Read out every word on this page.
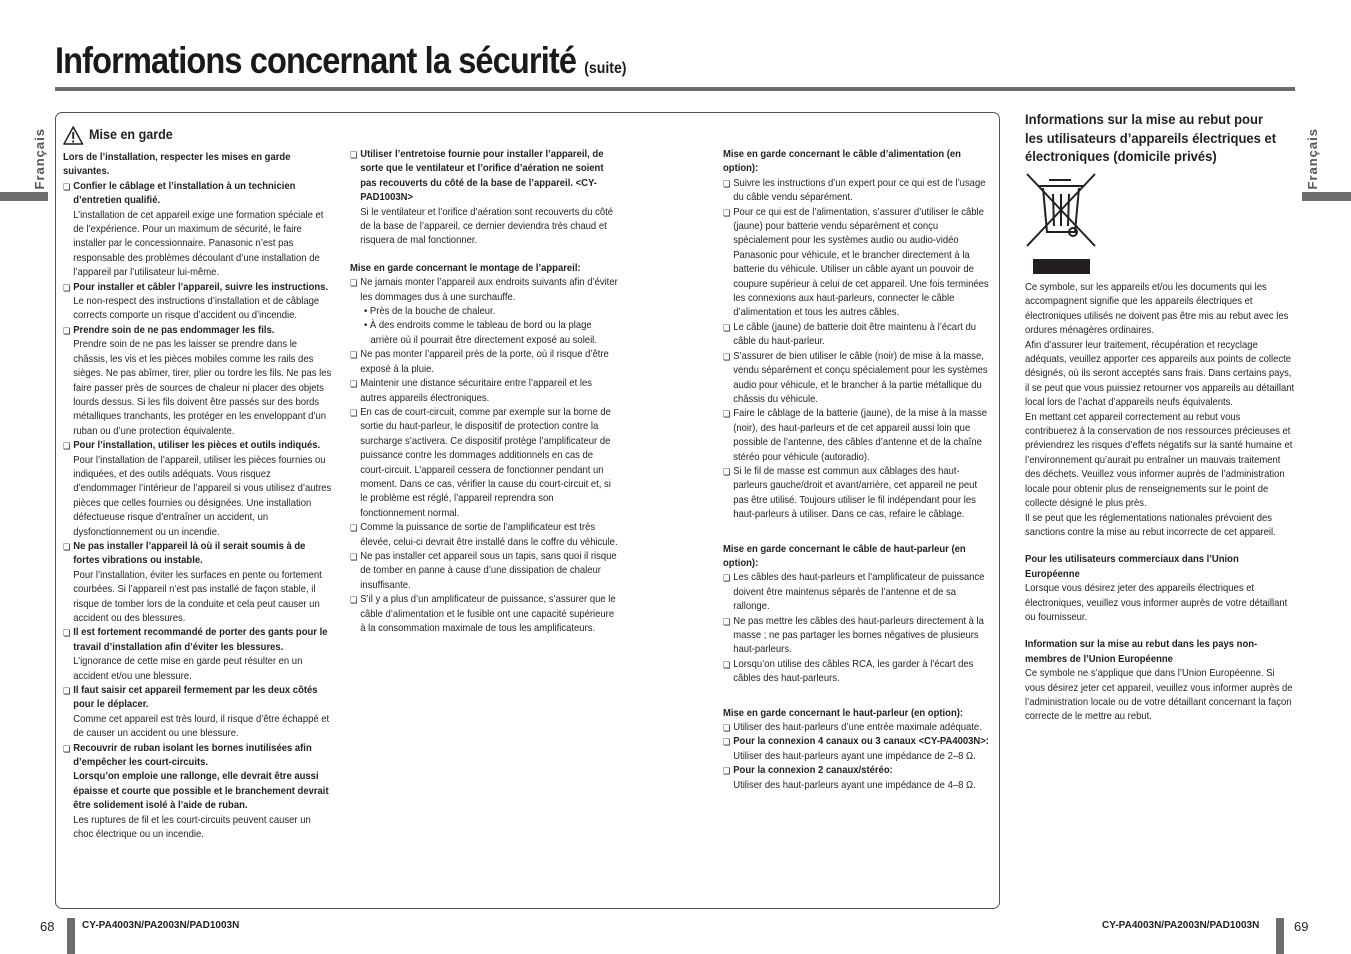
Informations concernant la sécurité (suite)
Français	Français
Mise en garde

Lors de l’installation, respecter les mises en garde suivantes.

❏ Confier le câblage et l’installation à un technicien d’entretien qualifié.

L’installation de cet appareil exige une formation spéciale et de l’expérience. Pour un maximum de sécurité, le faire installer par le concessionnaire. Panasonic n’est pas responsable des problèmes découlant d’une installation de l’appareil par l’utilisateur lui-même.

❏ Pour installer et câbler l’appareil, suivre les instructions.

Le non-respect des instructions d’installation et de câblage corrects comporte un risque d’accident ou d’incendie.

❏ Prendre soin de ne pas endommager les fils.

Prendre soin de ne pas les laisser se prendre dans le châssis, les vis et les pièces mobiles comme les rails des sièges. Ne pas abîmer, tirer, plier ou tordre les fils. Ne pas les faire passer près de sources de chaleur ni placer des objets lourds dessus. Si les fils doivent être passés sur des bords métalliques tranchants, les protéger en les enveloppant d’un ruban ou d’une protection équivalente.

❏ Pour l’installation, utiliser les pièces et outils indiqués.

Pour l’installation de l’appareil, utiliser les pièces fournies ou indiquées, et des outils adéquats. Vous risquez d’endommager l’intérieur de l’appareil si vous utilisez d’autres pièces que celles fournies ou désignées. Une installation défectueuse risque d’entraîner un accident, un dysfonctionnement ou un incendie.

❏ Ne pas installer l’appareil là où il serait soumis à de fortes vibrations ou instable.

Pour l’installation, éviter les surfaces en pente ou fortement courbées. Si l’appareil n’est pas installé de façon stable, il risque de tomber lors de la conduite et cela peut causer un accident ou des blessures.

❏ Il est fortement recommandé de porter des gants pour le travail d’installation afin d’éviter les blessures.

L’ignorance de cette mise en garde peut résulter en un accident et/ou une blessure.

❏ Il faut saisir cet appareil fermement par les deux côtés pour le déplacer.

Comme cet appareil est très lourd, il risque d’être échappé et de causer un accident ou une blessure.

❏ Recouvrir de ruban isolant les bornes inutilisées afin d’empêcher les court-circuits.

Lorsqu’on emploie une rallonge, elle devrait être aussi épaisse et courte que possible et le branchement devrait être solidement isolé à l’aide de ruban.

Les ruptures de fil et les court-circuits peuvent causer un choc électrique ou un incendie.

❏ Utiliser l’entretoise fournie pour installer l’appareil, de sorte que le ventilateur et l’orifice d’aération ne soient pas recouverts du côté de la base de l’appareil. <CY-PAD1003N>

Si le ventilateur et l’orifice d’aération sont recouverts du côté de la base de l’appareil, ce dernier deviendra très chaud et risquera de mal fonctionner.

Mise en garde concernant le montage de l’appareil:

❏ Ne jamais monter l’appareil aux endroits suivants afin d’éviter les dommages dus à une surchauffe.

• Près de la bouche de chaleur.

• À des endroits comme le tableau de bord ou la plage arrière où il pourrait être directement exposé au soleil.

❏ Ne pas monter l’appareil près de la porte, où il risque d’être exposé à la pluie.

❏ Maintenir une distance sécuritaire entre l’appareil et les autres appareils électroniques.

❏ En cas de court-circuit, comme par exemple sur la borne de sortie du haut-parleur, le dispositif de protection contre la surcharge s’activera. Ce dispositif protège l’amplificateur de puissance contre les dommages additionnels en cas de court-circuit. L’appareil cessera de fonctionner pendant un moment. Dans ce cas, vérifier la cause du court-circuit et, si le problème est réglé, l’appareil reprendra son fonctionnement normal.

❏ Comme la puissance de sortie de l’amplificateur est très élevée, celui-ci devrait être installé dans le coffre du véhicule.

❏ Ne pas installer cet appareil sous un tapis, sans quoi il risque de tomber en panne à cause d’une dissipation de chaleur insuffisante.

❏ S’il y a plus d’un amplificateur de puissance, s’assurer que le câble d’alimentation et le fusible ont une capacité supérieure à la consommation maximale de tous les amplificateurs.

Mise en garde concernant le câble d’alimentation (en option):

❏ Suivre les instructions d’un expert pour ce qui est de l’usage du câble vendu séparément.

❏ Pour ce qui est de l’alimentation, s’assurer d’utiliser le câble (jaune) pour batterie vendu séparément et conçu spécialement pour les systèmes audio ou audio-vidéo Panasonic pour véhicule, et le brancher directement à la batterie du véhicule. Utiliser un câble ayant un pouvoir de coupure supérieur à celui de cet appareil. Une fois terminées les connexions aux haut-parleurs, connecter le câble d’alimentation et tous les autres câbles.

❏ Le câble (jaune) de batterie doit être maintenu à l’écart du câble du haut-parleur.

❏ S’assurer de bien utiliser le câble (noir) de mise à la masse, vendu séparément et conçu spécialement pour les systèmes audio pour véhicule, et le brancher à la partie métallique du châssis du véhicule.

❏ Faire le câblage de la batterie (jaune), de la mise à la masse (noir), des haut-parleurs et de cet appareil aussi loin que possible de l’antenne, des câbles d’antenne et de la chaîne stéréo pour véhicule (autoradio).

❏ Si le fil de masse est commun aux câblages des haut-parleurs gauche/droit et avant/arrière, cet appareil ne peut pas être utilisé. Toujours utiliser le fil indépendant pour les haut-parleurs à utiliser. Dans ce cas, refaire le câblage.

Mise en garde concernant le câble de haut-parleur (en option):

❏ Les câbles des haut-parleurs et l’amplificateur de puissance doivent être maintenus séparés de l’antenne et de sa rallonge.

❏ Ne pas mettre les câbles des haut-parleurs directement à la masse ; ne pas partager les bornes négatives de plusieurs haut-parleurs.

❏ Lorsqu’on utilise des câbles RCA, les garder à l’écart des câbles des haut-parleurs.

Mise en garde concernant le haut-parleur (en option):

❏ Utiliser des haut-parleurs d’une entrée maximale adéquate.

❏ Pour la connexion 4 canaux ou 3 canaux <CY-PA4003N>:

Utiliser des haut-parleurs ayant une impédance de 2–8 Ω.

❏ Pour la connexion 2 canaux/stéréo:

Utiliser des haut-parleurs ayant une impédance de 4–8 Ω.

Informations sur la mise au rebut pour les utilisateurs d’appareils électriques et électroniques (domicile privés)

Ce symbole, sur les appareils et/ou les documents qui les accompagnent signifie que les appareils électriques et électroniques utilisés ne doivent pas être mis au rebut avec les ordures ménagères ordinaires.

Afin d’assurer leur traitement, récupération et recyclage adéquats, veuillez apporter ces appareils aux points de collecte désignés, où ils seront acceptés sans frais. Dans certains pays, il se peut que vous puissiez retourner vos appareils au détaillant local lors de l’achat d’appareils neufs équivalents.

En mettant cet appareil correctement au rebut vous contribuerez à la conservation de nos ressources précieuses et préviendrez les risques d’effets négatifs sur la santé humaine et l’environnement qu’aurait pu entraîner un mauvais traitement des déchets. Veuillez vous informer auprès de l’administration locale pour obtenir plus de renseignements sur le point de collecte désigné le plus près.

Il se peut que les réglementations nationales prévoient des sanctions contre la mise au rebut incorrecte de cet appareil.

Pour les utilisateurs commerciaux dans l’Union Européenne

Lorsque vous désirez jeter des appareils électriques et électroniques, veuillez vous informer auprès de votre détaillant ou fournisseur.

Information sur la mise au rebut dans les pays non-membres de l’Union Européenne

Ce symbole ne s’applique que dans l’Union Européenne. Si vous désirez jeter cet appareil, veuillez vous informer auprès de l’administration locale ou de votre détaillant concernant la façon correcte de le mettre au rebut.

68	CY-PA4003N/PA2003N/PAD1003N	CY-PA4003N/PA2003N/PAD1003N	69
